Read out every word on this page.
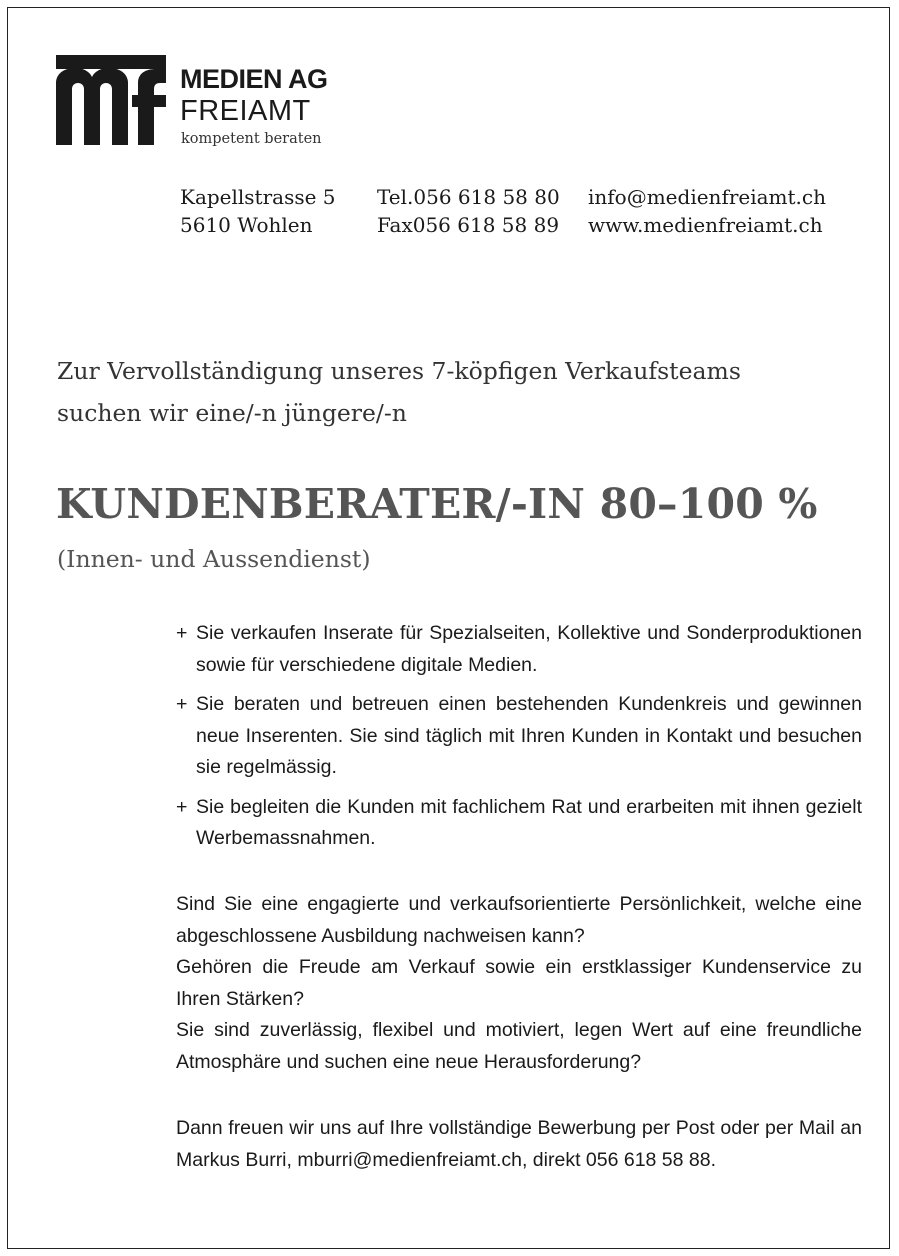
MEDIEN AG
FREIAMT
kompetent beraten
Kapellstrasse 5
5610 Wohlen
Tel.056 618 58 80
Fax056 618 58 89
info@medienfreiamt.ch
www.medienfreiamt.ch
Zur Vervollständigung unseres 7-köpfigen Verkaufsteams
suchen wir eine/-n jüngere/-n
KUNDENBERATER/-IN 80–100 %
(Innen- und Aussendienst)
+ Sie verkaufen Inserate für Spezialseiten, Kollektive und Sonderproduktionen sowie für verschiedene digitale Medien.
+ Sie beraten und betreuen einen bestehenden Kundenkreis und gewinnen neue Inserenten. Sie sind täglich mit Ihren Kunden in Kontakt und besuchen sie regelmässig.
+ Sie begleiten die Kunden mit fachlichem Rat und erarbeiten mit ihnen gezielt Werbemassnahmen.
Sind Sie eine engagierte und verkaufsorientierte Persönlichkeit, welche eine abgeschlossene Ausbildung nachweisen kann?
Gehören die Freude am Verkauf sowie ein erstklassiger Kundenservice zu Ihren Stärken?
Sie sind zuverlässig, flexibel und motiviert, legen Wert auf eine freundliche Atmosphäre und suchen eine neue Herausforderung?
Dann freuen wir uns auf Ihre vollständige Bewerbung per Post oder per Mail an Markus Burri, mburri@medienfreiamt.ch, direkt 056 618 58 88.
